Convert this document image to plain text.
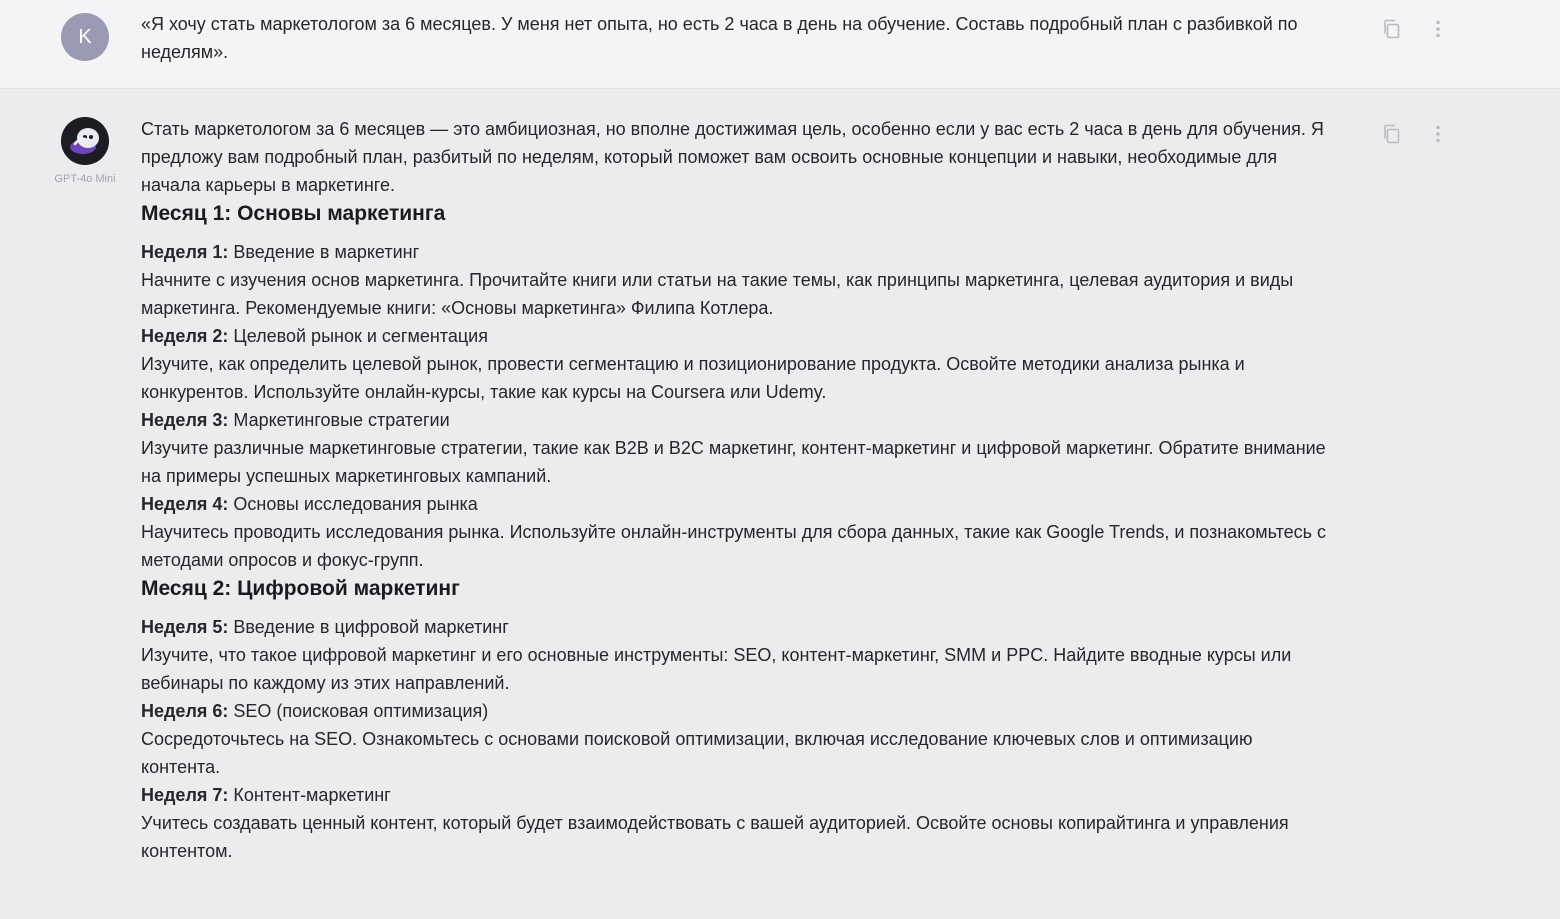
K

«Я хочу стать маркетологом за 6 месяцев. У меня нет опыта, но есть 2 часа в день на обучение. Составь подробный план с разбивкой по неделям».

GPT-4o Mini

Стать маркетологом за 6 месяцев — это амбициозная, но вполне достижимая цель, особенно если у вас есть 2 часа в день для обучения. Я предложу вам подробный план, разбитый по неделям, который поможет вам освоить основные концепции и навыки, необходимые для начала карьеры в маркетинге.

Месяц 1: Основы маркетинга

Неделя 1: Введение в маркетинг
Начните с изучения основ маркетинга. Прочитайте книги или статьи на такие темы, как принципы маркетинга, целевая аудитория и виды маркетинга. Рекомендуемые книги: «Основы маркетинга» Филипа Котлера.

Неделя 2: Целевой рынок и сегментация
Изучите, как определить целевой рынок, провести сегментацию и позиционирование продукта. Освойте методики анализа рынка и конкурентов. Используйте онлайн-курсы, такие как курсы на Coursera или Udemy.

Неделя 3: Маркетинговые стратегии
Изучите различные маркетинговые стратегии, такие как B2B и B2C маркетинг, контент-маркетинг и цифровой маркетинг. Обратите внимание на примеры успешных маркетинговых кампаний.

Неделя 4: Основы исследования рынка
Научитесь проводить исследования рынка. Используйте онлайн-инструменты для сбора данных, такие как Google Trends, и познакомьтесь с методами опросов и фокус-групп.

Месяц 2: Цифровой маркетинг

Неделя 5: Введение в цифровой маркетинг
Изучите, что такое цифровой маркетинг и его основные инструменты: SEO, контент-маркетинг, SMM и PPC. Найдите вводные курсы или вебинары по каждому из этих направлений.

Неделя 6: SEO (поисковая оптимизация)
Сосредоточьтесь на SEO. Ознакомьтесь с основами поисковой оптимизации, включая исследование ключевых слов и оптимизацию контента.

Неделя 7: Контент-маркетинг
Учитесь создавать ценный контент, который будет взаимодействовать с вашей аудиторией. Освойте основы копирайтинга и управления контентом.
